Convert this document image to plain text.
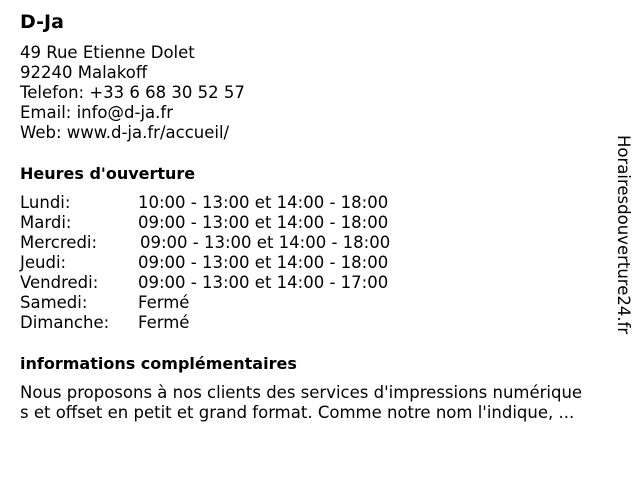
D-Ja
49 Rue Etienne Dolet
92240 Malakoff
Telefon: +33 6 68 30 52 57
Email: info@d-ja.fr
Web: www.d-ja.fr/accueil/
Heures d'ouverture
Lundi:	10:00 - 13:00 et 14:00 - 18:00
Mardi:	09:00 - 13:00 et 14:00 - 18:00
Mercredi:	09:00 - 13:00 et 14:00 - 18:00
Jeudi:	09:00 - 13:00 et 14:00 - 18:00
Vendredi: 09:00 - 13:00 et 14:00 - 17:00
Samedi:	Fermé
Dimanche: Fermé
informations complémentaires
Nous proposons à nos clients des services d'impressions numérique
s et offset en petit et grand format. Comme notre nom l'indique, ...
Horairesdouverture24.fr
